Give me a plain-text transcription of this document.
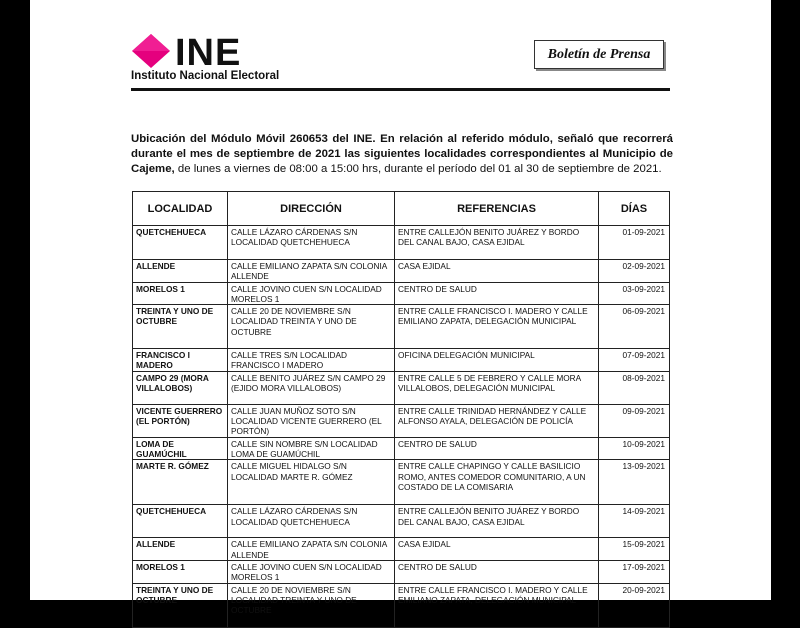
INE
Instituto Nacional Electoral
Boletín de Prensa

Ubicación del Módulo Móvil 260653 del INE. En relación al referido módulo, señaló que recorrerá durante el mes de septiembre de 2021 las siguientes localidades correspondientes al Municipio de Cajeme, de lunes a viernes de 08:00 a 15:00 hrs, durante el período del 01 al 30 de septiembre de 2021.

LOCALIDAD	DIRECCIÓN	REFERENCIAS	DÍAS
QUETCHEHUECA	CALLE LÁZARO CÁRDENAS S/N LOCALIDAD QUETCHEHUECA	ENTRE CALLEJÓN BENITO JUÁREZ Y BORDO DEL CANAL BAJO, CASA EJIDAL	01-09-2021
ALLENDE	CALLE EMILIANO ZAPATA S/N COLONIA ALLENDE	CASA EJIDAL	02-09-2021
MORELOS 1	CALLE JOVINO CUEN S/N LOCALIDAD MORELOS 1	CENTRO DE SALUD	03-09-2021
TREINTA Y UNO DE OCTUBRE	CALLE 20 DE NOVIEMBRE S/N LOCALIDAD TREINTA Y UNO DE OCTUBRE	ENTRE CALLE FRANCISCO I. MADERO Y CALLE EMILIANO ZAPATA, DELEGACIÓN MUNICIPAL	06-09-2021
FRANCISCO I MADERO	CALLE TRES S/N LOCALIDAD FRANCISCO I MADERO	OFICINA DELEGACIÓN MUNICIPAL	07-09-2021
CAMPO 29 (MORA VILLALOBOS)	CALLE BENITO JUÁREZ S/N CAMPO 29 (EJIDO MORA VILLALOBOS)	ENTRE CALLE 5 DE FEBRERO Y CALLE MORA VILLALOBOS, DELEGACIÓN MUNICIPAL	08-09-2021
VICENTE GUERRERO (EL PORTÓN)	CALLE JUAN MUÑOZ SOTO S/N LOCALIDAD VICENTE GUERRERO (EL PORTÓN)	ENTRE CALLE TRINIDAD HERNÁNDEZ Y CALLE ALFONSO AYALA, DELEGACIÓN DE POLICÍA	09-09-2021
LOMA DE GUAMÚCHIL	CALLE SIN NOMBRE S/N LOCALIDAD LOMA DE GUAMÚCHIL	CENTRO DE SALUD	10-09-2021
MARTE R. GÓMEZ	CALLE MIGUEL HIDALGO S/N LOCALIDAD MARTE R. GÓMEZ	ENTRE CALLE CHAPINGO Y CALLE BASILICIO ROMO, ANTES COMEDOR COMUNITARIO, A UN COSTADO DE LA COMISARIA	13-09-2021
QUETCHEHUECA	CALLE LÁZARO CÁRDENAS S/N LOCALIDAD QUETCHEHUECA	ENTRE CALLEJÓN BENITO JUÁREZ Y BORDO DEL CANAL BAJO, CASA EJIDAL	14-09-2021
ALLENDE	CALLE EMILIANO ZAPATA S/N COLONIA ALLENDE	CASA EJIDAL	15-09-2021
MORELOS 1	CALLE JOVINO CUEN S/N LOCALIDAD MORELOS 1	CENTRO DE SALUD	17-09-2021
TREINTA Y UNO DE OCTUBRE	CALLE 20 DE NOVIEMBRE S/N LOCALIDAD TREINTA Y UNO DE OCTUBRE	ENTRE CALLE FRANCISCO I. MADERO Y CALLE EMILIANO ZAPATA, DELEGACIÓN MUNICIPAL	20-09-2021
